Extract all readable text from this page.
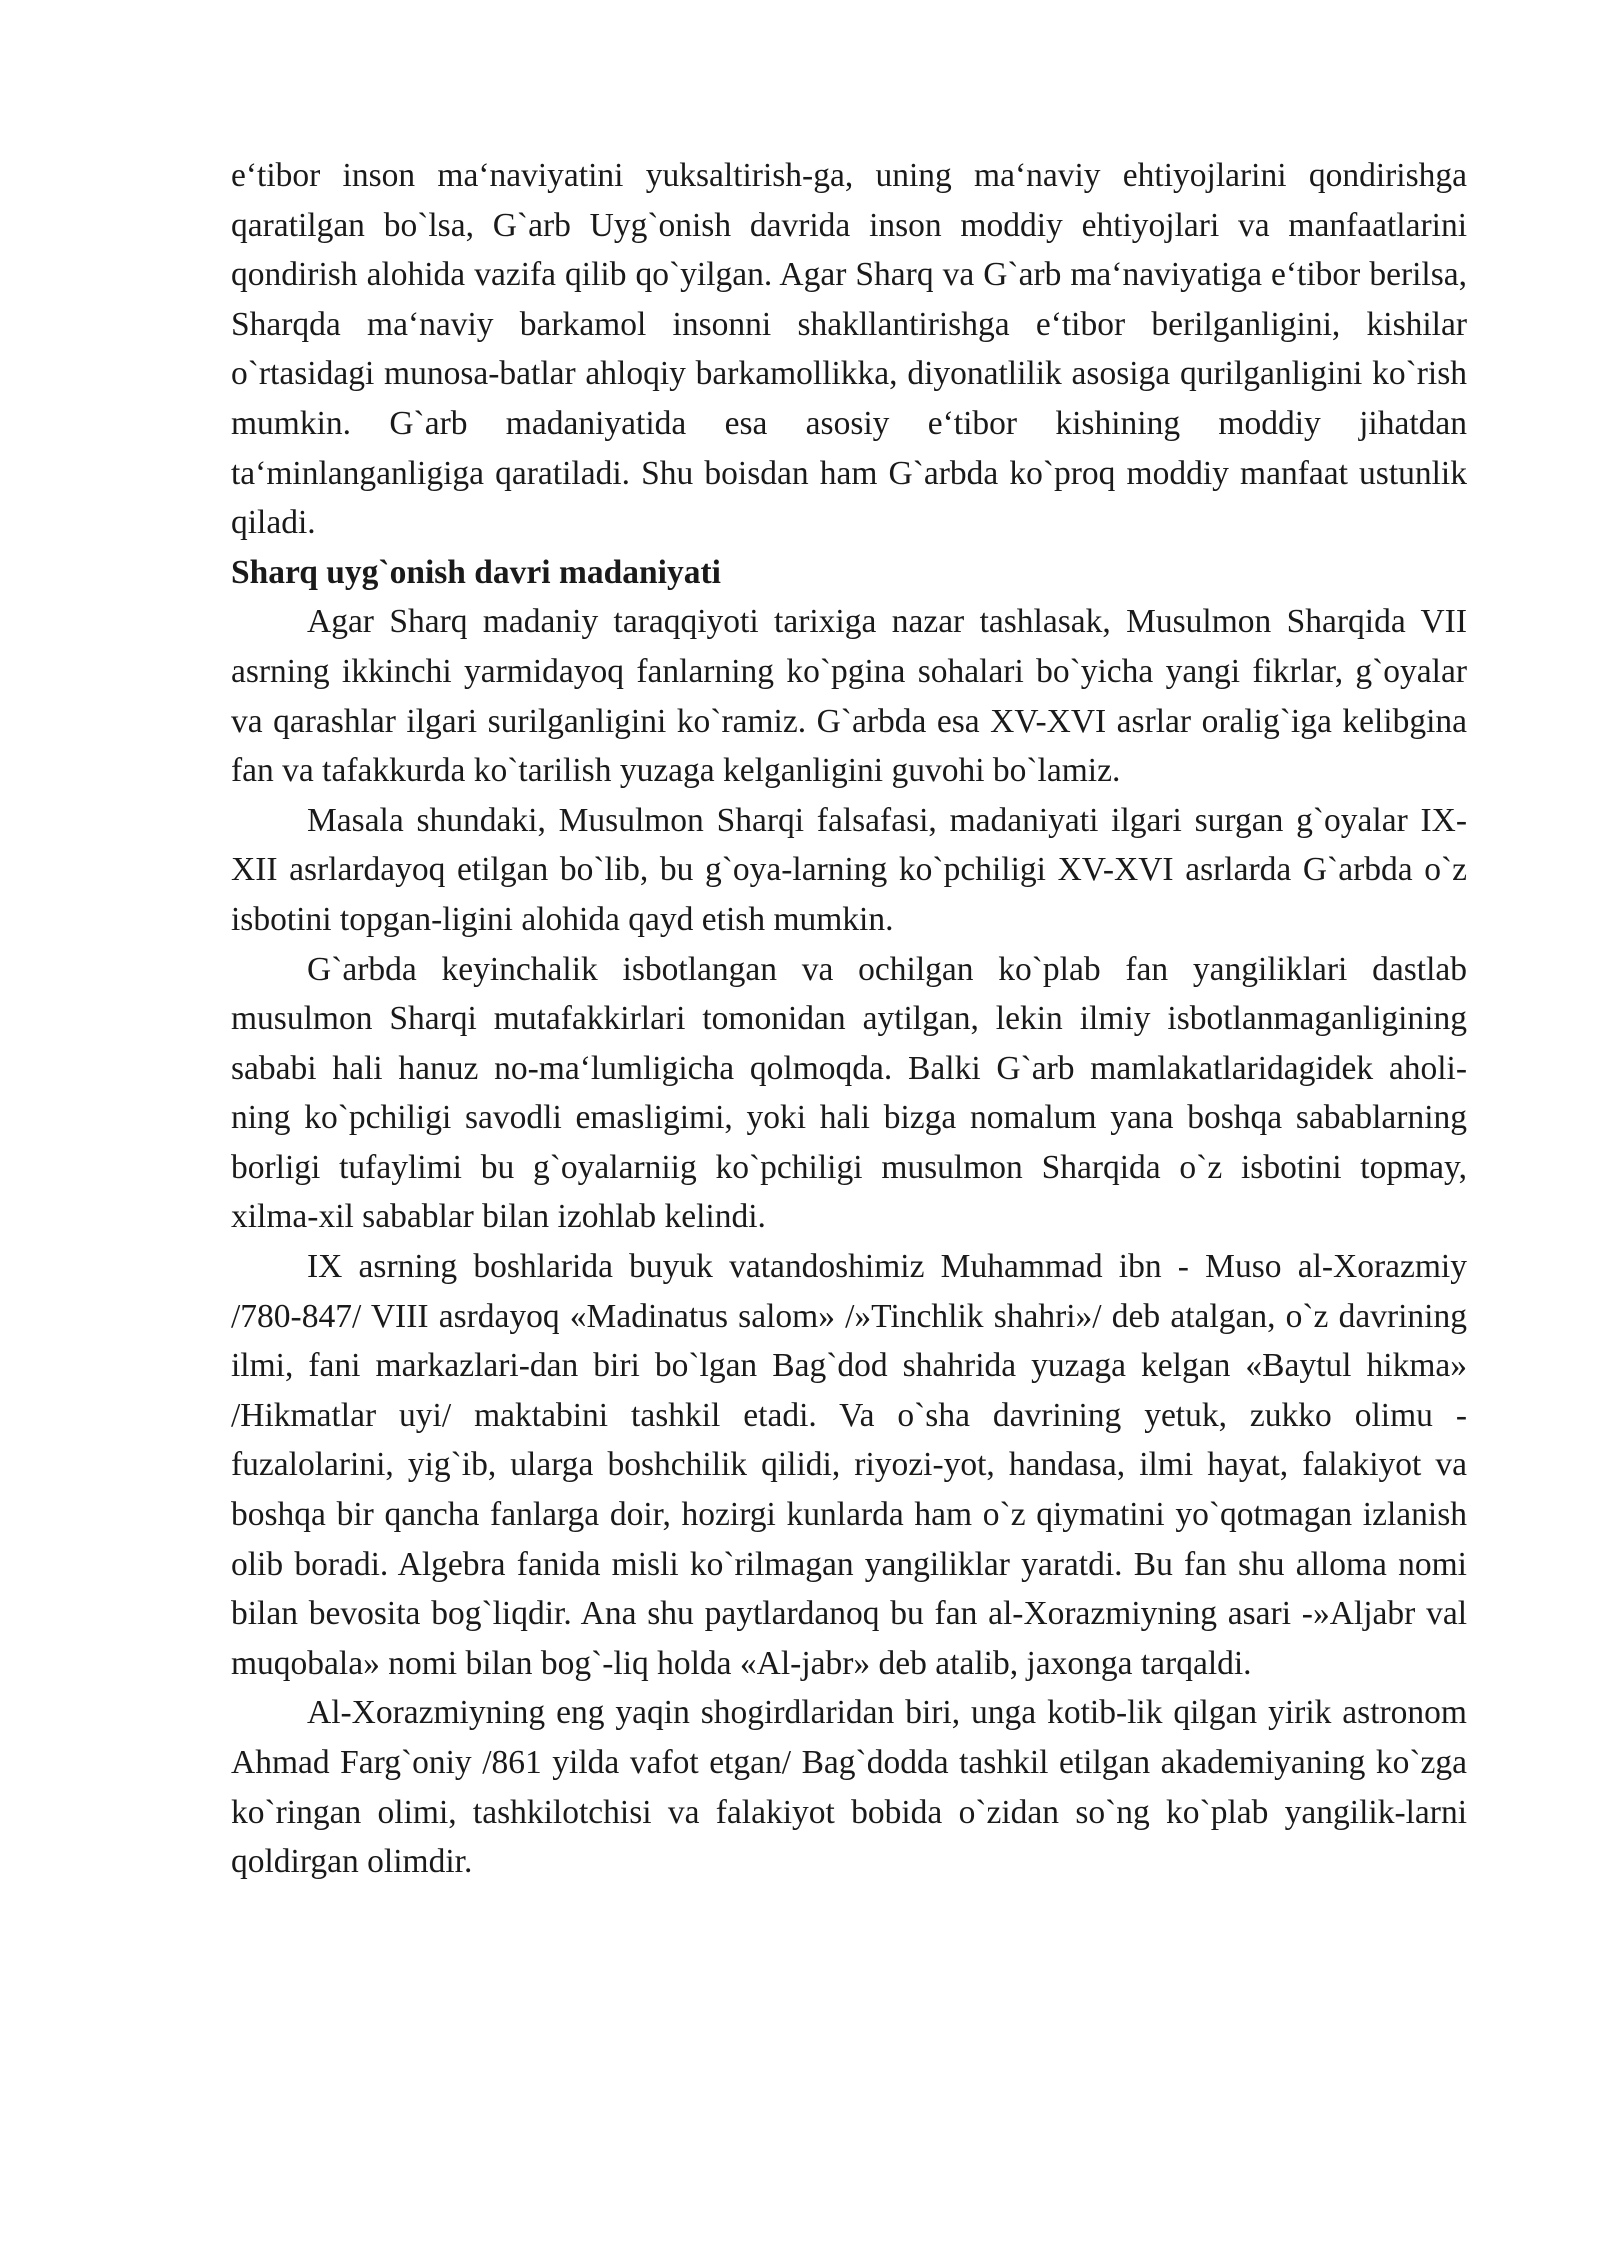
e‘tibor inson ma‘naviyatini yuksaltirish-ga, uning ma‘naviy ehtiyojlarini qondirishga qaratilgan bo`lsa, G`arb Uyg`onish davrida inson moddiy ehtiyojlari va manfaatlarini qondirish alohida vazifa qilib qo`yilgan. Agar Sharq va G`arb ma‘naviyatiga e‘tibor berilsa, Sharqda ma‘naviy barkamol insonni shakllantirishga e‘tibor berilganligini, kishilar o`rtasidagi munosa-batlar ahloqiy barkamollikka, diyonatlilik asosiga qurilganligini ko`rish mumkin. G`arb madaniyatida esa asosiy e‘tibor kishining moddiy jihatdan ta‘minlanganligiga qaratiladi. Shu boisdan ham G`arbda ko`proq moddiy manfaat ustunlik qiladi.

Sharq uyg`onish davri madaniyati

Agar Sharq madaniy taraqqiyoti tarixiga nazar tashlasak, Musulmon Sharqida VII asrning ikkinchi yarmidayoq fanlarning ko`pgina sohalari bo`yicha yangi fikrlar, g`oyalar va qarashlar ilgari surilganligini ko`ramiz. G`arbda esa XV-XVI asrlar oralig`iga kelibgina fan va tafakkurda ko`tarilish yuzaga kelganligini guvohi bo`lamiz.

Masala shundaki, Musulmon Sharqi falsafasi, madaniyati ilgari surgan g`oyalar IX-XII asrlardayoq etilgan bo`lib, bu g`oya-larning ko`pchiligi XV-XVI asrlarda G`arbda o`z isbotini topgan-ligini alohida qayd etish mumkin.

G`arbda keyinchalik isbotlangan va ochilgan ko`plab fan yangiliklari dastlab musulmon Sharqi mutafakkirlari tomonidan aytilgan, lekin ilmiy isbotlanmaganligining sababi hali hanuz no-ma‘lumligicha qolmoqda. Balki G`arb mamlakatlaridagidek aholi-ning ko`pchiligi savodli emasligimi, yoki hali bizga nomalum yana boshqa sabablarning borligi tufaylimi bu g`oyalarniig ko`pchiligi musulmon Sharqida o`z isbotini topmay, xilma-xil sabablar bilan izohlab kelindi.

IX asrning boshlarida buyuk vatandoshimiz Muhammad ibn - Muso al-Xorazmiy /780-847/ VIII asrdayoq «Madinatus salom» /»Tinchlik shahri»/ deb atalgan, o`z davrining ilmi, fani markazlari-dan biri bo`lgan Bag`dod shahrida yuzaga kelgan «Baytul hikma» /Hikmatlar uyi/ maktabini tashkil etadi. Va o`sha davrining yetuk, zukko olimu - fuzalolarini, yig`ib, ularga boshchilik qilidi, riyozi-yot, handasa, ilmi hayat, falakiyot va boshqa bir qancha fanlarga doir, hozirgi kunlarda ham o`z qiymatini yo`qotmagan izlanish olib boradi. Algebra fanida misli ko`rilmagan yangiliklar yaratdi. Bu fan shu alloma nomi bilan bevosita bog`liqdir. Ana shu paytlardanoq bu fan al-Xorazmiyning asari -»Aljabr val muqobala» nomi bilan bog`-liq holda «Al-jabr» deb atalib, jaxonga tarqaldi.

Al-Xorazmiyning eng yaqin shogirdlaridan biri, unga kotib-lik qilgan yirik astronom Ahmad Farg`oniy /861 yilda vafot etgan/ Bag`dodda tashkil etilgan akademiyaning ko`zga ko`ringan olimi, tashkilotchisi va falakiyot bobida o`zidan so`ng ko`plab yangilik-larni qoldirgan olimdir.
